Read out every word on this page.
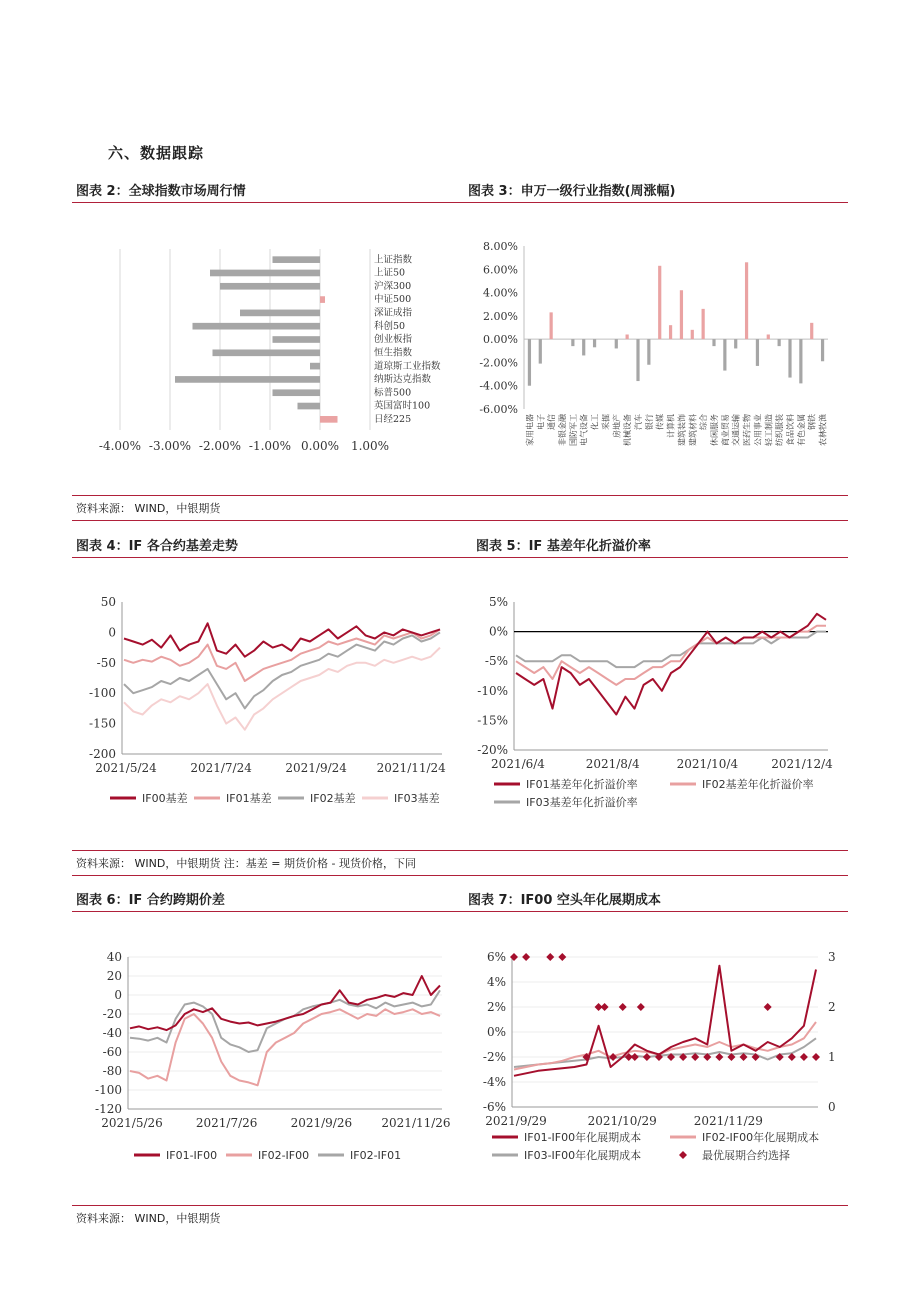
六、数据跟踪
图表 2：全球指数市场周行情
-4.00% -3.00% -2.00% -1.00% 0.00% 1.00%
上证指数
上证50
沪深300
中证500
深证成指
科创50
创业板指
恒生指数
道琼斯工业指数
纳斯达克指数
标普500
英国富时100
日经225
图表 3：申万一级行业指数(周涨幅)
-6.00%
-4.00%
-2.00%
0.00%
2.00%
4.00%
6.00%
8.00%
家用电器 电子 通信 非银金融 国防军工 电气设备 化工 采掘 房地产 机械设备 汽车 银行 传媒 计算机 建筑装饰 建筑材料 综合 休闲服务 商业贸易 交通运输 医药生物 公用事业 轻工制造 纺织服装 食品饮料 有色金属 钢铁 农林牧渔
资料来源： WIND，中银期货
图表 4：IF 各合约基差走势
-200
-150
-100
-50
0
50
2021/5/24	2021/7/24	2021/9/24 2021/11/24
IF00基差	IF01基差	IF02基差	IF03基差
图表 5：IF 基差年化折溢价率
-20%
-15%
-10%
-5%
0%
5%
2021/6/4	2021/8/4	2021/10/4	2021/12/4
IF01基差年化折溢价率	IF02基差年化折溢价率
IF03基差年化折溢价率
资料来源： WIND，中银期货 注：基差 = 期货价格 - 现货价格，下同
图表 6：IF 合约跨期价差
-120
-100
-80
-60
-40
-20
0
20
40
2021/5/26	2021/7/26	2021/9/26 2021/11/26
IF01-IF00	IF02-IF00	IF02-IF01
图表 7：IF00 空头年化展期成本
-6%
-4%
-2%
0%
2%
4%
6%
2021/9/29	2021/10/29	2021/11/29
0
1
2
3
IF01-IF00年化展期成本	IF02-IF00年化展期成本
IF03-IF00年化展期成本	最优展期合约选择
资料来源： WIND，中银期货
